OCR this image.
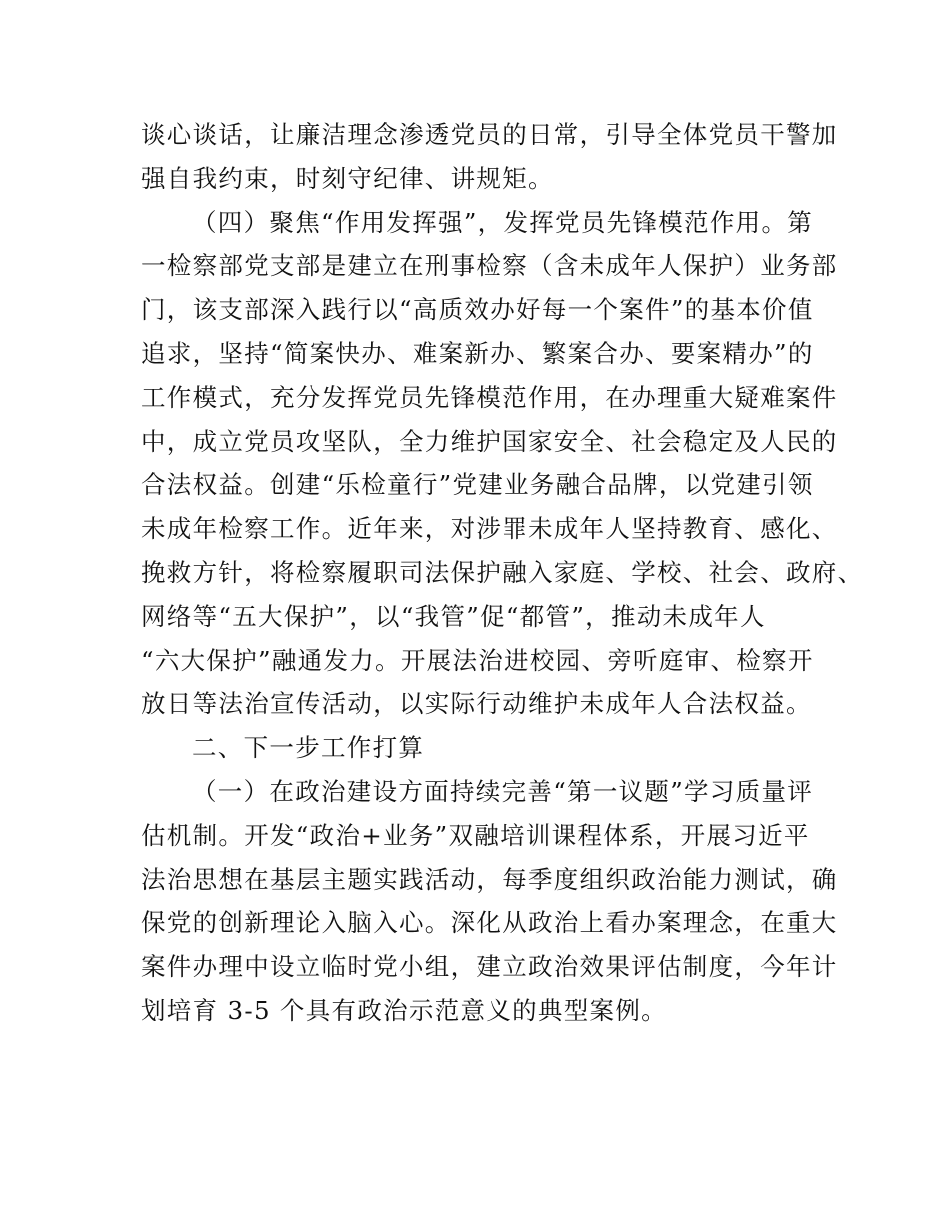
谈心谈话，让廉洁理念渗透党员的日常，引导全体党员干警加
强自我约束，时刻守纪律、讲规矩。

（四）聚焦“作用发挥强”，发挥党员先锋模范作用。第
一检察部党支部是建立在刑事检察（含未成年人保护）业务部
门，该支部深入践行以“高质效办好每一个案件”的基本价值
追求，坚持“简案快办、难案新办、繁案合办、要案精办”的
工作模式，充分发挥党员先锋模范作用，在办理重大疑难案件
中，成立党员攻坚队，全力维护国家安全、社会稳定及人民的
合法权益。创建“乐检童行”党建业务融合品牌，以党建引领
未成年检察工作。近年来，对涉罪未成年人坚持教育、感化、
挽救方针，将检察履职司法保护融入家庭、学校、社会、政府、
网络等“五大保护”，以“我管”促“都管”，推动未成年人
“六大保护”融通发力。开展法治进校园、旁听庭审、检察开
放日等法治宣传活动，以实际行动维护未成年人合法权益。

二、下一步工作打算

（一）在政治建设方面持续完善“第一议题”学习质量评
估机制。开发“政治+业务”双融培训课程体系，开展习近平
法治思想在基层主题实践活动，每季度组织政治能力测试，确
保党的创新理论入脑入心。深化从政治上看办案理念，在重大
案件办理中设立临时党小组，建立政治效果评估制度，今年计
划培育 3-5 个具有政治示范意义的典型案例。
